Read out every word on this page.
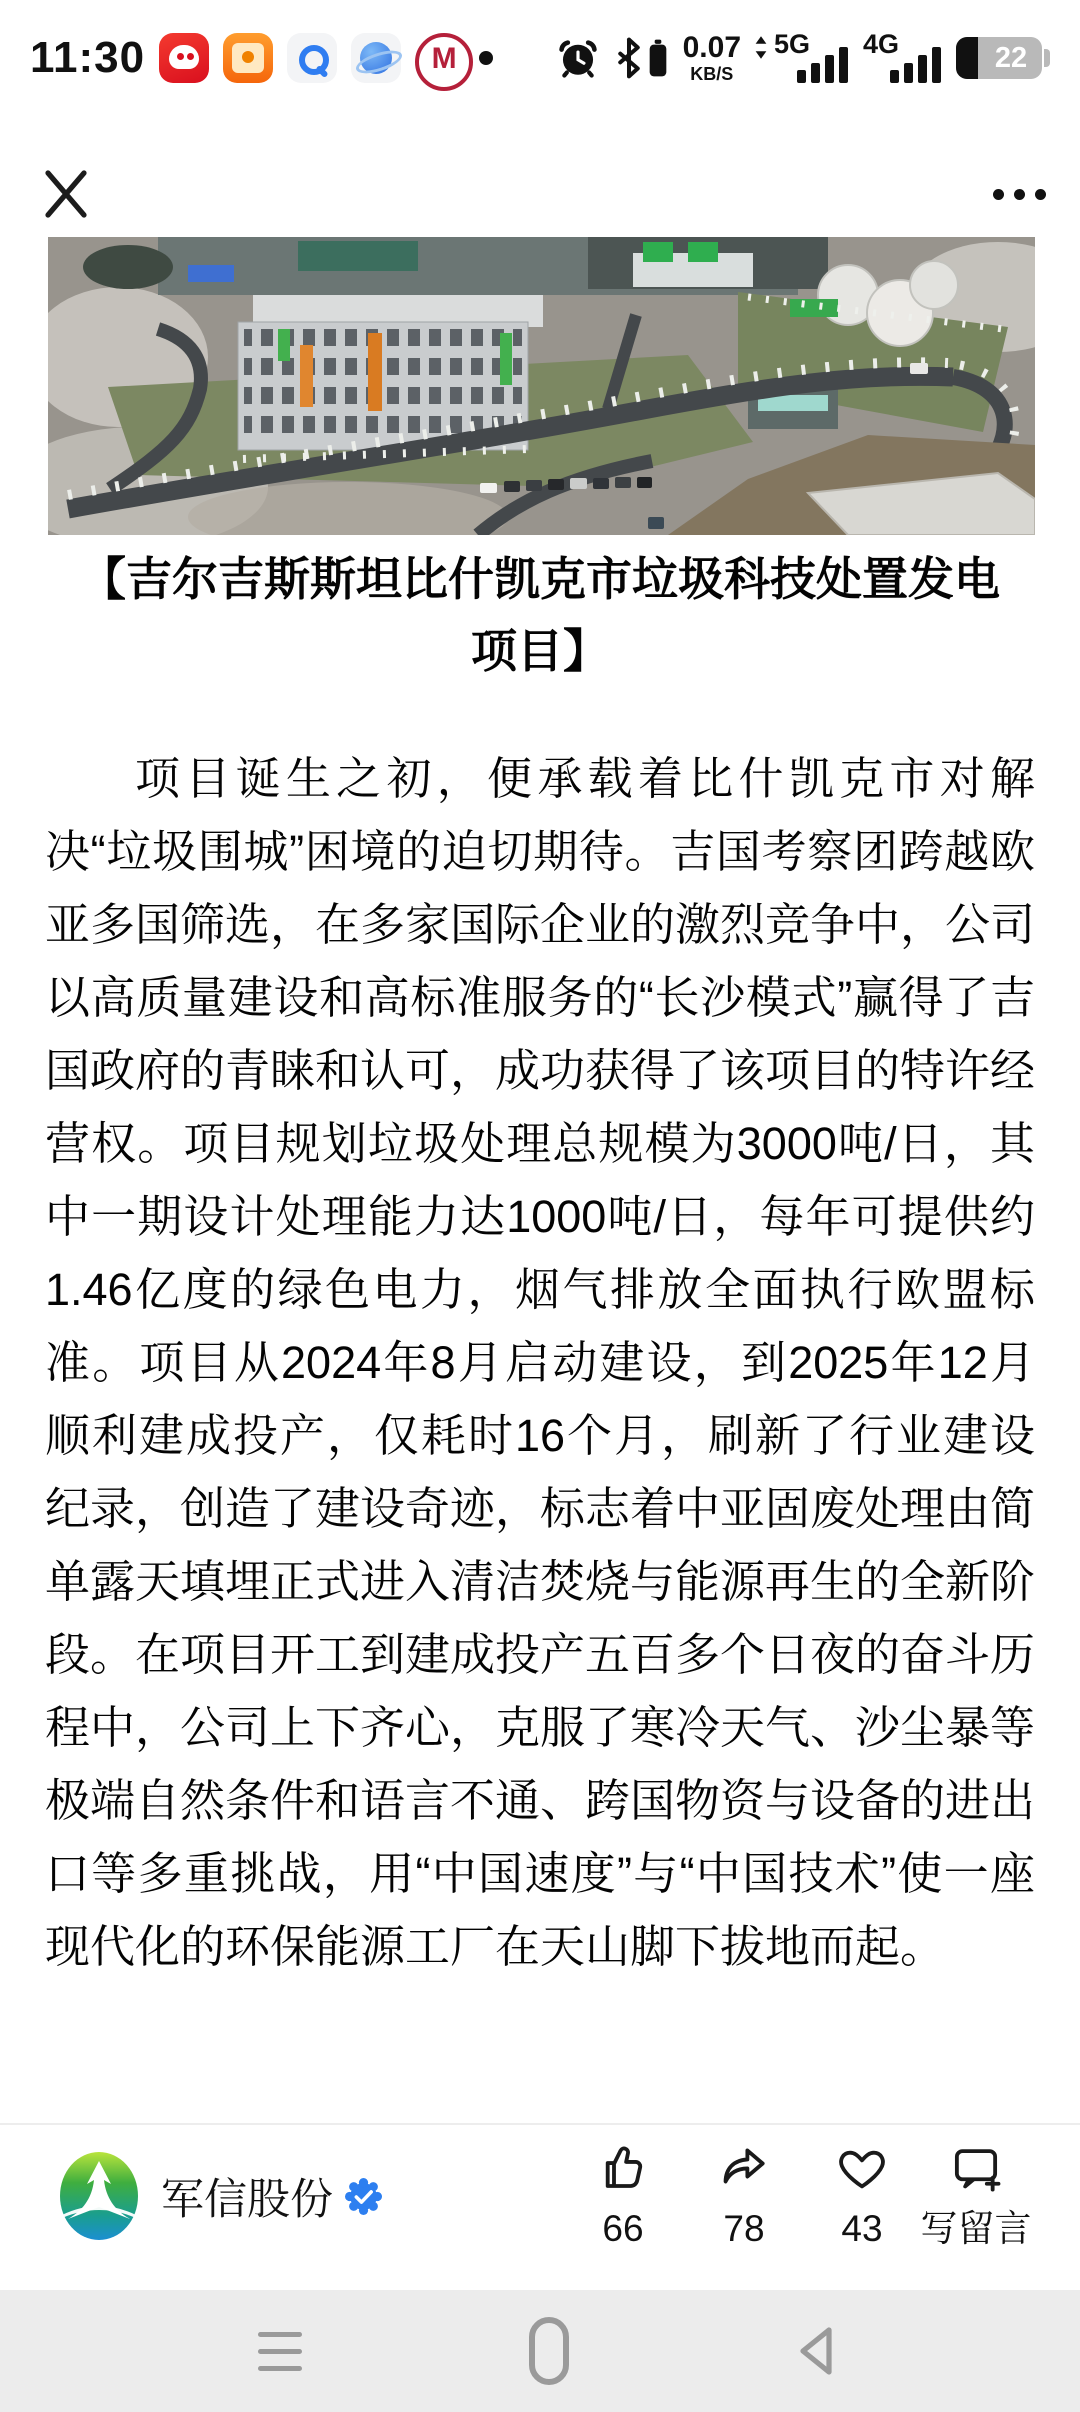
11:30 M	0.07
KB/S
5G 4G	22
【吉尔吉斯斯坦比什凯克市垃圾科技处置发电
项目】

项目诞生之初，便承载着比什凯克市对解决“垃圾围城”困境的迫切期待。吉国考察团跨越欧亚多国筛选，在多家国际企业的激烈竞争中，公司以高质量建设和高标准服务的“长沙模式”赢得了吉国政府的青睐和认可，成功获得了该项目的特许经营权。项目规划垃圾处理总规模为3000吨/日，其中一期设计处理能力达1000吨/日，每年可提供约1.46亿度的绿色电力，烟气排放全面执行欧盟标准。项目从2024年8月启动建设，到2025年12月顺利建成投产，仅耗时16个月，刷新了行业建设纪录，创造了建设奇迹，标志着中亚固废处理由简单露天填埋正式进入清洁焚烧与能源再生的全新阶段。在项目开工到建成投产五百多个日夜的奋斗历程中，公司上下齐心，克服了寒冷天气、沙尘暴等极端自然条件和语言不通、跨国物资与设备的进出口等多重挑战，用“中国速度”与“中国技术”使一座现代化的环保能源工厂在天山脚下拔地而起。

军信股份
66 78 43 写留言
